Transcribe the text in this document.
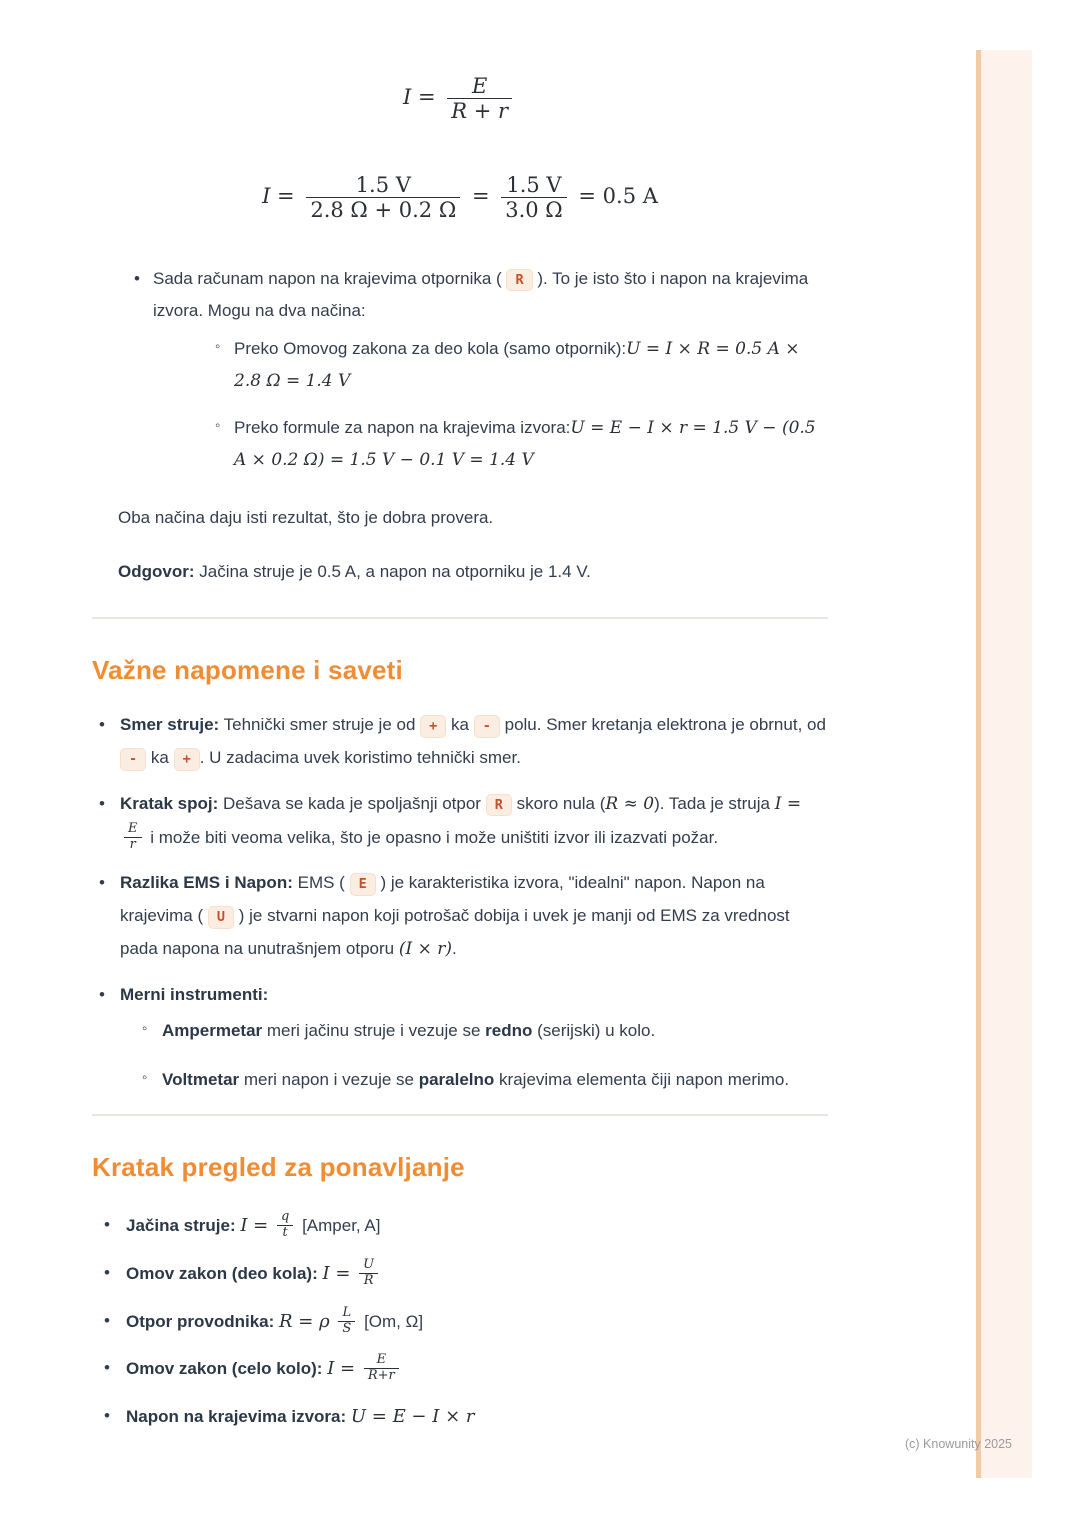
(c) Knowunity 2025
$I = \frac{E}{R + r}$
$I = \frac{1.5 V}{2.8 \Omega + 0.2 \Omega} = \frac{1.5 V}{3.0 \Omega} = 0.5$ A
• Sada računam napon na krajevima otpornika ( R ). To je isto što i napon na krajevima izvora. Mogu na dva načina:
◦ Preko Omovog zakona za deo kola (samo otpornik):U = I × R = 0.5 A × 2.8 Ω = 1.4 V
◦ Preko formule za napon na krajevima izvora:U = E − I × r = 1.5 V − (0.5 A × 0.2 Ω) = 1.5 V − 0.1 V = 1.4 V

Oba načina daju isti rezultat, što je dobra provera.

Odgovor: Jačina struje je 0.5 A, a napon na otporniku je 1.4 V.

Važne napomene i saveti
• Smer struje: Tehnički smer struje je od + ka - polu. Smer kretanja elektrona je obrnut, od - ka + . U zadacima uvek koristimo tehnički smer.
• Kratak spoj: Dešava se kada je spoljašnji otpor R skoro nula (R ≈ 0). Tada je struja I =
$\frac{E}{r}$ i može biti veoma velika, što je opasno i može uništiti izvor ili izazvati požar.
• Razlika EMS i Napon: EMS ( E ) je karakteristika izvora, "idealni" napon. Napon na krajevima ( U ) je stvarni napon koji potrošač dobija i uvek je manji od EMS za vrednost pada napona na unutrašnjem otporu (I × r).
• Merni instrumenti:
◦ Ampermetar meri jačinu struje i vezuje se redno (serijski) u kolo.
◦ Voltmetar meri napon i vezuje se paralelno krajevima elementa čiji napon merimo.
Kratak pregled za ponavljanje
• Jačina struje: $I = \frac{q}{t}$ [Amper, A]
• Omov zakon (deo kola): $I = \frac{U}{R}$
• Otpor provodnika: R = ρ $\frac{L}{S} [Om$, Ω]
• Omov zakon (celo kolo): $I = \frac{E}{R+r}$
• Napon na krajevima izvora: U = E − I × r
